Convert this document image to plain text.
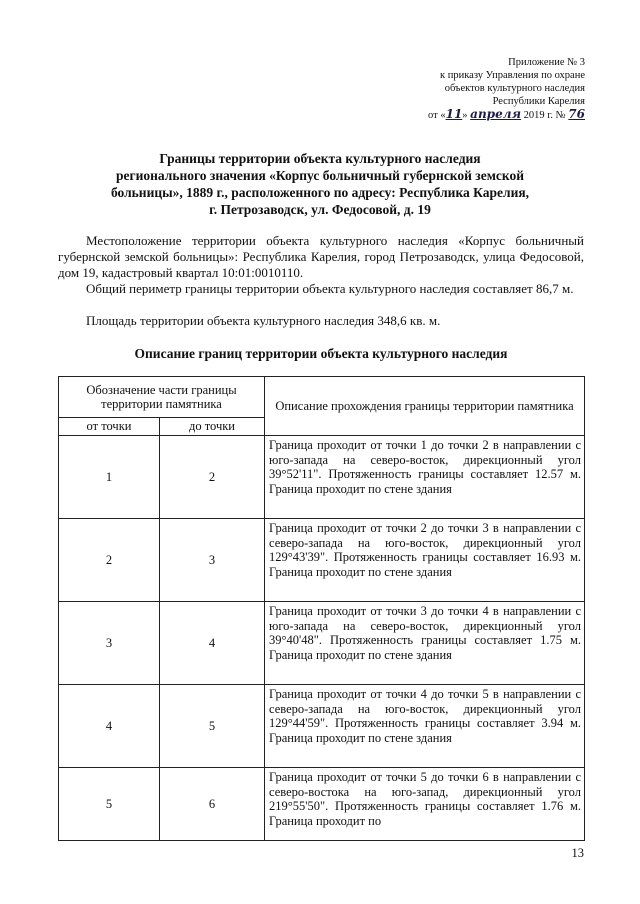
Приложение № 3
к приказу Управления по охране
объектов культурного наследия
Республики Карелия
от «11» апреля 2019 г. № 76
Границы территории объекта культурного наследия
регионального значения «Корпус больничный губернской земской
больницы», 1889 г., расположенного по адресу: Республика Карелия,
г. Петрозаводск, ул. Федосовой, д. 19
Местоположение территории объекта культурного наследия «Корпус больничный губернской земской больницы»: Республика Карелия, город Петрозаводск, улица Федосовой, дом 19, кадастровый квартал 10:01:0010110.
Общий периметр границы территории объекта культурного наследия составляет 86,7 м.
Площадь территории объекта культурного наследия 348,6 кв. м.
Описание границ территории объекта культурного наследия
Обозначение части границы территории памятника		Описание прохождения границы территории памятника
от точки	до точки	
1	2	Граница проходит от точки 1 до точки 2 в направлении с юго-запада на северо-восток, дирекционный угол 39°52'11". Протяженность границы составляет 12.57 м. Граница проходит по стене здания

2	3	Граница проходит от точки 2 до точки 3 в направлении с северо-запада на юго-восток, дирекционный угол 129°43'39". Протяженность границы составляет 16.93 м. Граница проходит по стене здания

3	4	Граница проходит от точки 3 до точки 4 в направлении с юго-запада на северо-восток, дирекционный угол 39°40'48". Протяженность границы составляет 1.75 м. Граница проходит по стене здания

4	5	Граница проходит от точки 4 до точки 5 в направлении с северо-запада на юго-восток, дирекционный угол 129°44'59". Протяженность границы составляет 3.94 м. Граница проходит по стене здания

5	6	Граница проходит от точки 5 до точки 6 в направлении с северо-востока на юго-запад, дирекционный угол 219°55'50". Протяженность границы составляет 1.76 м. Граница проходит по
13
